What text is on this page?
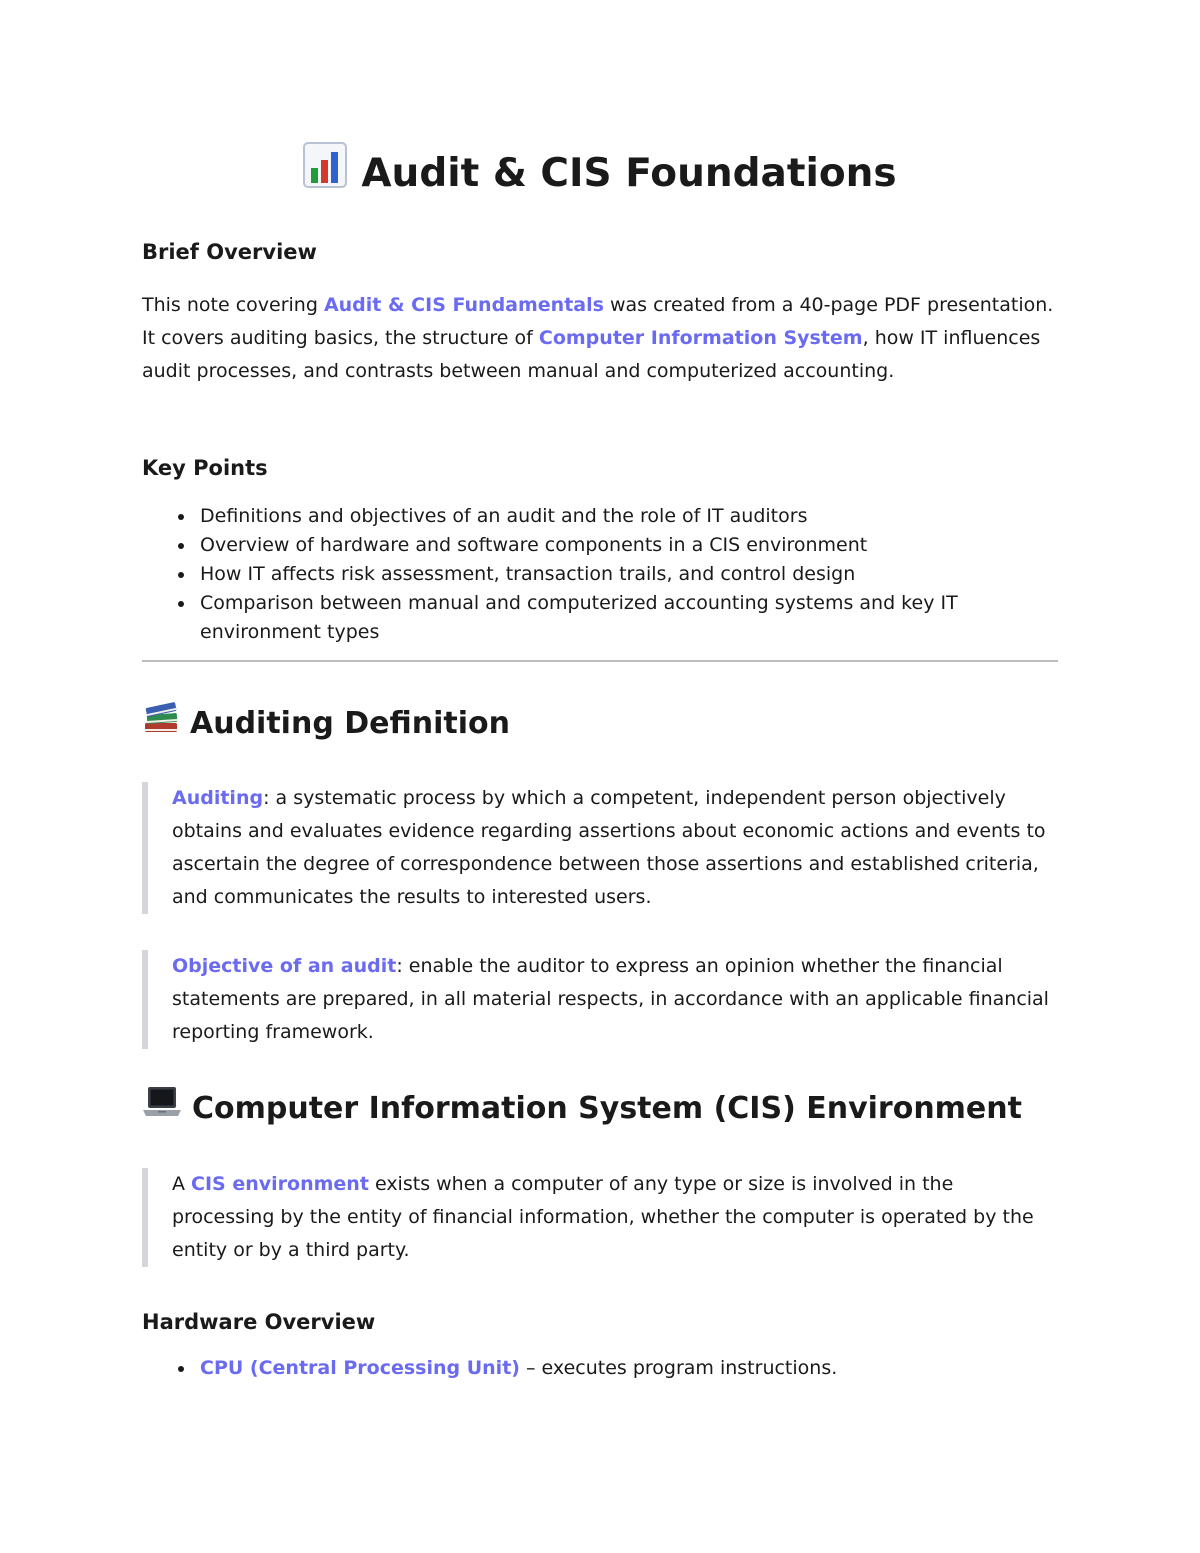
Audit & CIS Foundations
Brief Overview

This note covering Audit & CIS Fundamentals was created from a 40-page PDF presentation. It covers auditing basics, the structure of Computer Information System, how IT influences audit processes, and contrasts between manual and computerized accounting.

Key Points
Definitions and objectives of an audit and the role of IT auditors
Overview of hardware and software components in a CIS environment
How IT affects risk assessment, transaction trails, and control design
Comparison between manual and computerized accounting systems and key IT environment types
Auditing Definition
Auditing: a systematic process by which a competent, independent person objectively obtains and evaluates evidence regarding assertions about economic actions and events to ascertain the degree of correspondence between those assertions and established criteria, and communicates the results to interested users.
Objective of an audit: enable the auditor to express an opinion whether the financial statements are prepared, in all material respects, in accordance with an applicable financial reporting framework.
Computer Information System (CIS) Environment
A CIS environment exists when a computer of any type or size is involved in the processing by the entity of financial information, whether the computer is operated by the entity or by a third party.
Hardware Overview
CPU (Central Processing Unit) – executes program instructions.
